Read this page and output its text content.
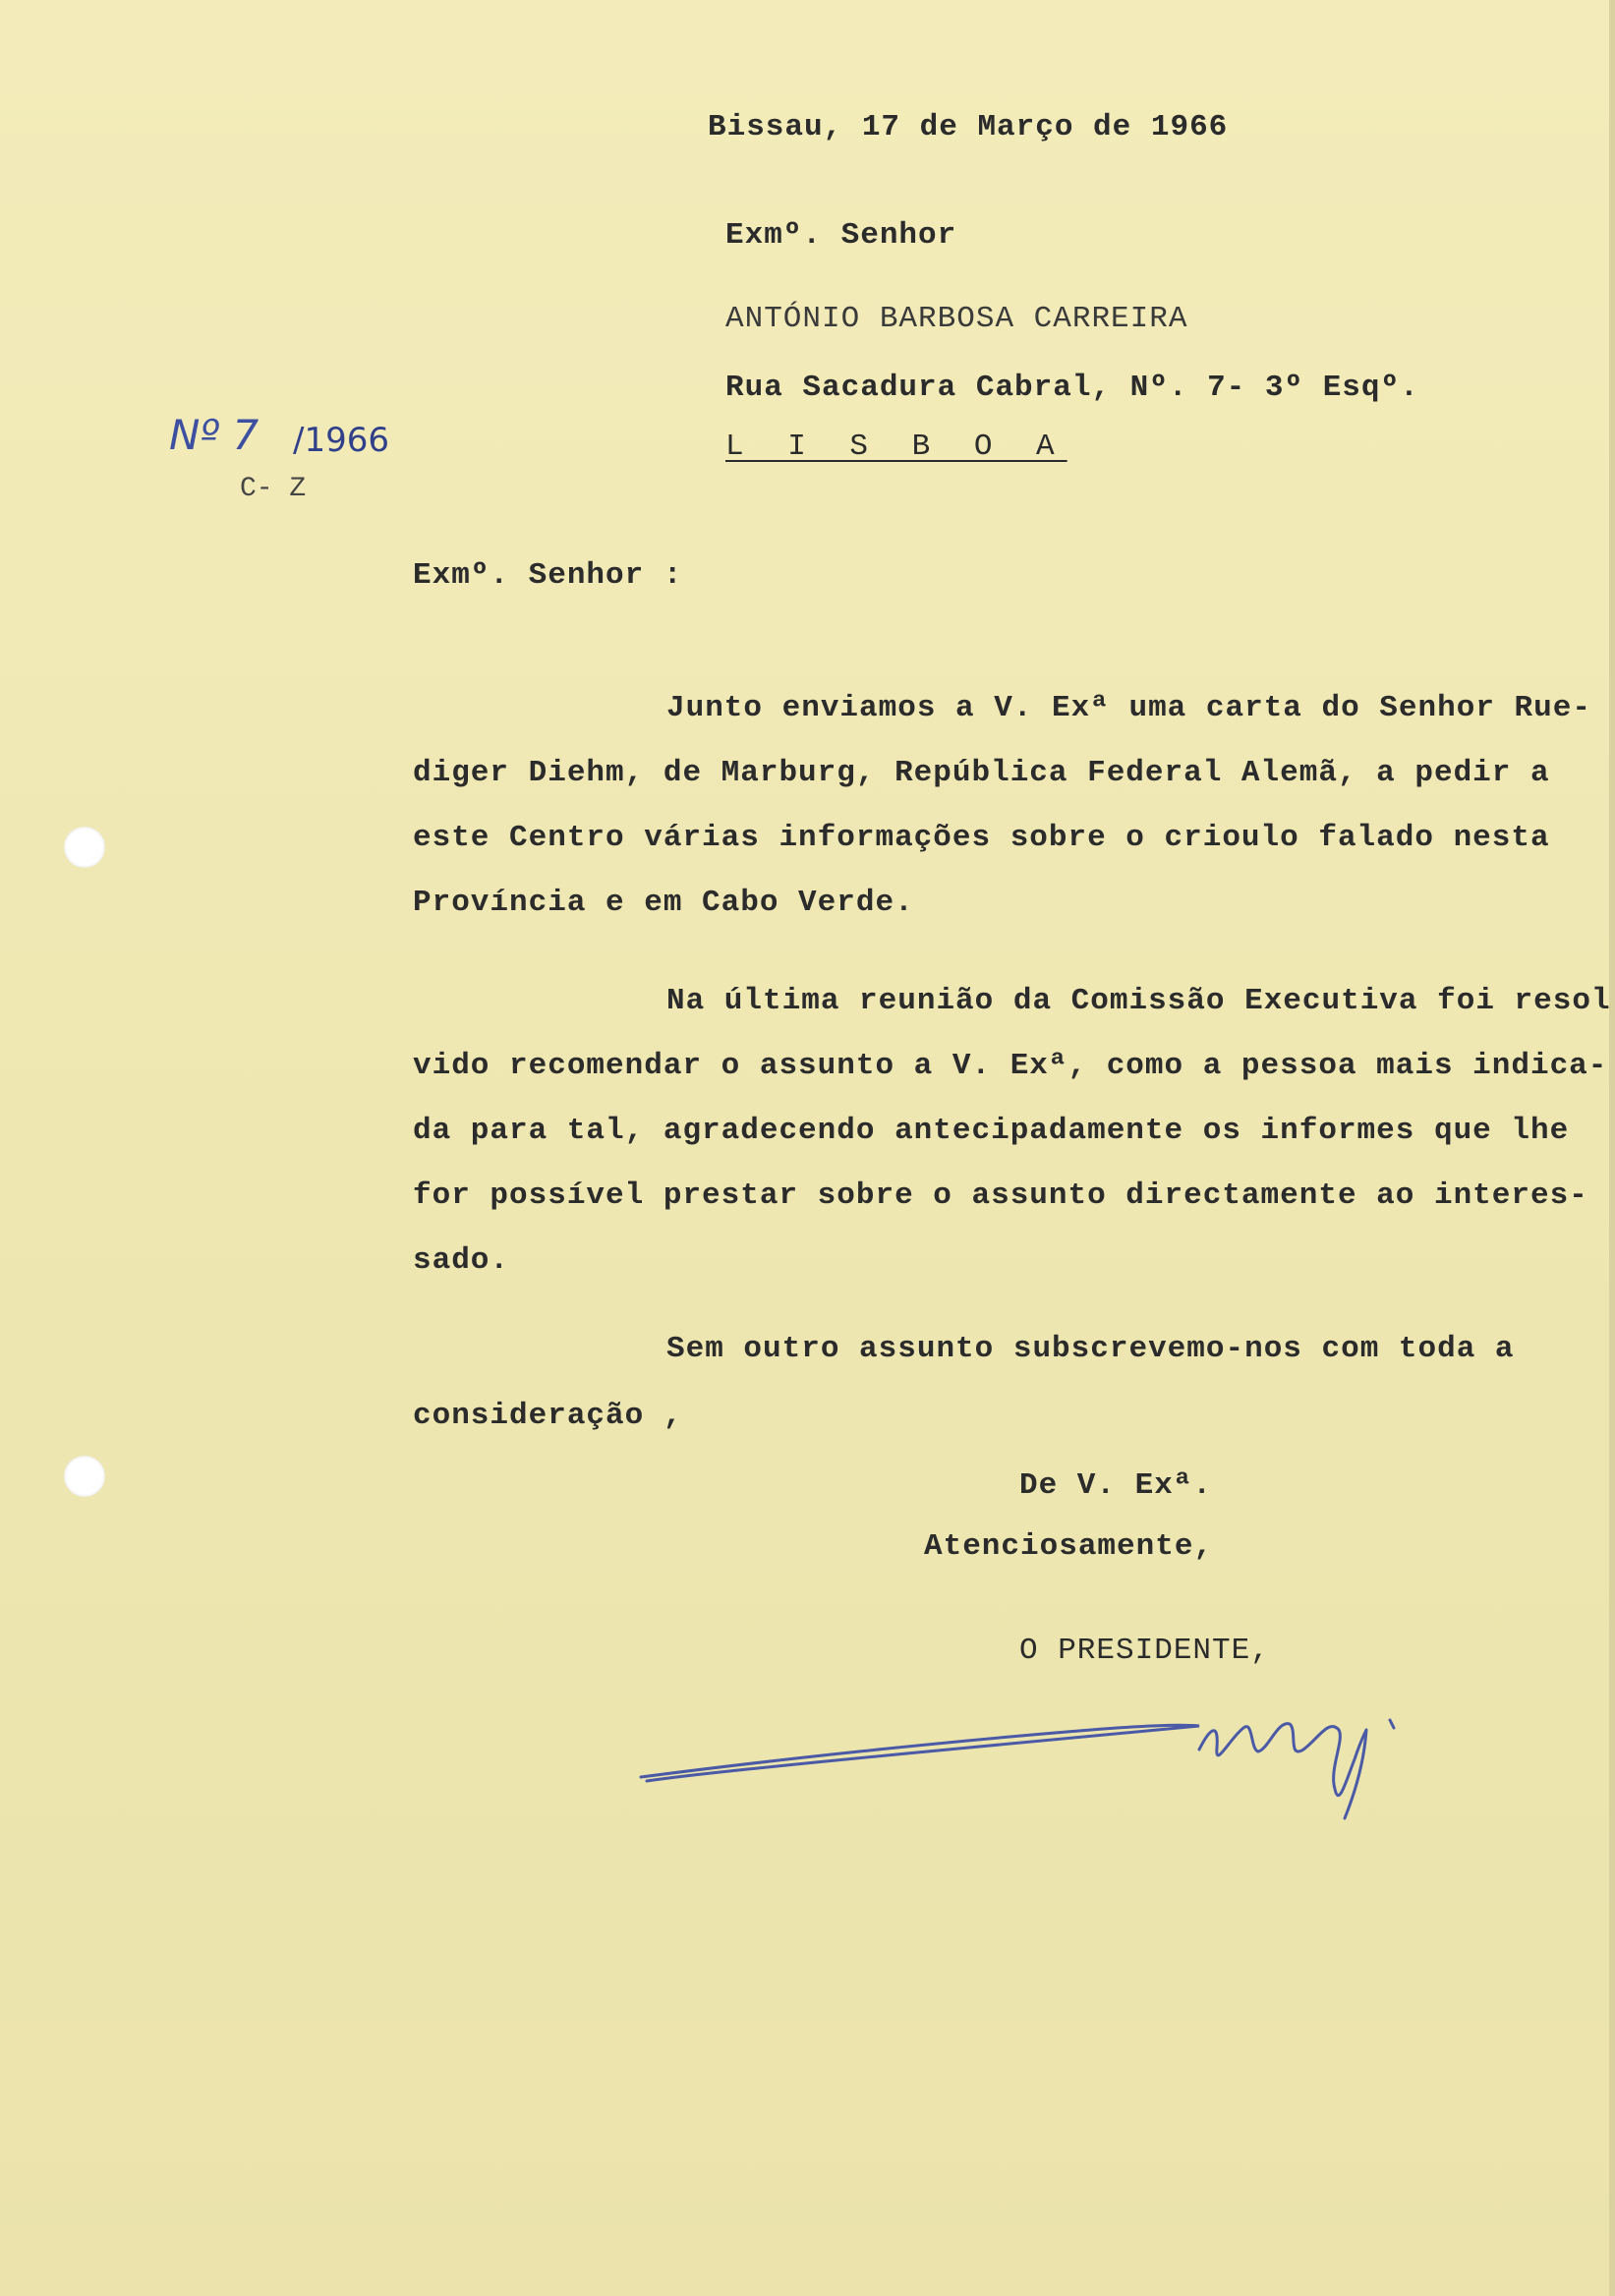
Bissau, 17 de Março de 1966
Exmº. Senhor
ANTÓNIO BARBOSA CARREIRA
Rua Sacadura Cabral, Nº. 7- 3º Esqº.
L I S B O A
Nº 7 /1966
C- Z
Exmº. Senhor :
Junto enviamos a V. Exª uma carta do Senhor Rue-
diger Diehm, de Marburg, República Federal Alemã, a pedir a
este Centro várias informações sobre o crioulo falado nesta
Província e em Cabo Verde.
Na última reunião da Comissão Executiva foi resol
vido recomendar o assunto a V. Exª, como a pessoa mais indica-
da para tal, agradecendo antecipadamente os informes que lhe
for possível prestar sobre o assunto directamente ao interes-
sado.
Sem outro assunto subscrevemo-nos com toda a
consideração ,
De V. Exª.
Atenciosamente,
O PRESIDENTE,
